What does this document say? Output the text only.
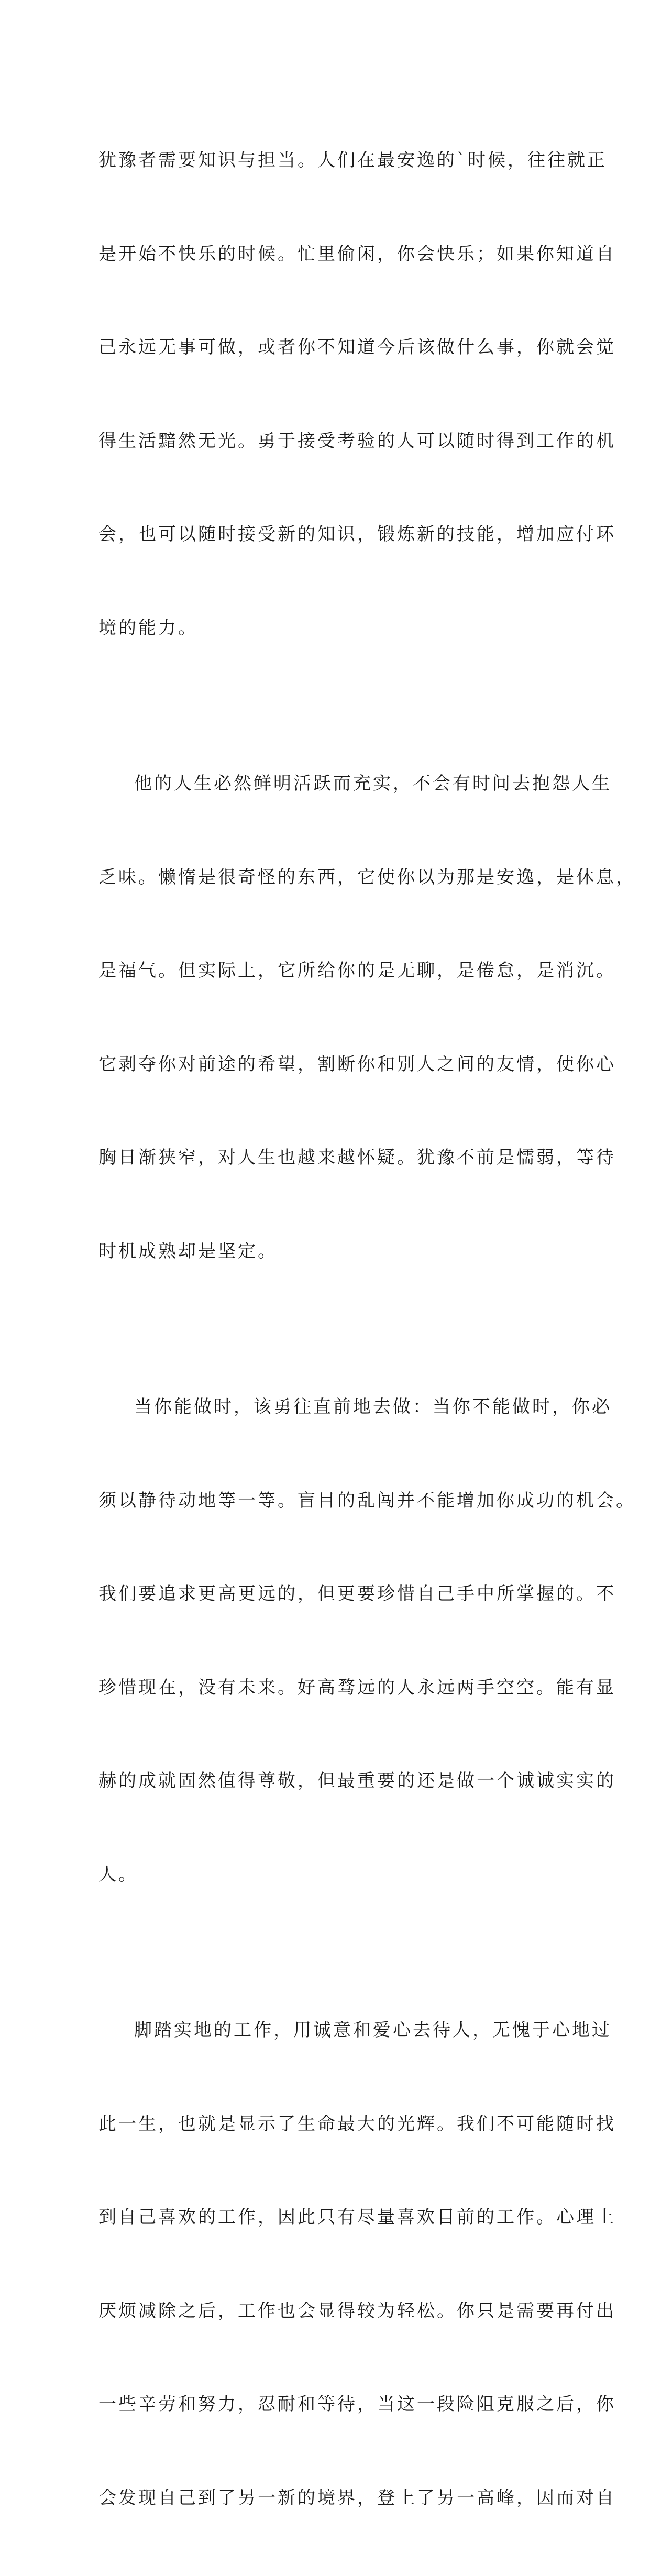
犹豫者需要知识与担当。人们在最安逸的`时候，往往就正

是开始不快乐的时候。忙里偷闲，你会快乐；如果你知道自

己永远无事可做，或者你不知道今后该做什么事，你就会觉

得生活黯然无光。勇于接受考验的人可以随时得到工作的机

会，也可以随时接受新的知识，锻炼新的技能，增加应付环

境的能力。

他的人生必然鲜明活跃而充实，不会有时间去抱怨人生

乏味。懒惰是很奇怪的东西，它使你以为那是安逸，是休息，

是福气。但实际上，它所给你的是无聊，是倦怠，是消沉。

它剥夺你对前途的希望，割断你和别人之间的友情，使你心

胸日渐狭窄，对人生也越来越怀疑。犹豫不前是懦弱，等待

时机成熟却是坚定。

当你能做时，该勇往直前地去做：当你不能做时，你必

须以静待动地等一等。盲目的乱闯并不能增加你成功的机会。

我们要追求更高更远的，但更要珍惜自己手中所掌握的。不

珍惜现在，没有未来。好高骛远的人永远两手空空。能有显

赫的成就固然值得尊敬，但最重要的还是做一个诚诚实实的

人。

脚踏实地的工作，用诚意和爱心去待人，无愧于心地过

此一生，也就是显示了生命最大的光辉。我们不可能随时找

到自己喜欢的工作，因此只有尽量喜欢目前的工作。心理上

厌烦减除之后，工作也会显得较为轻松。你只是需要再付出

一些辛劳和努力，忍耐和等待，当这一段险阻克服之后，你

会发现自己到了另一新的境界，登上了另一高峰，因而对自
